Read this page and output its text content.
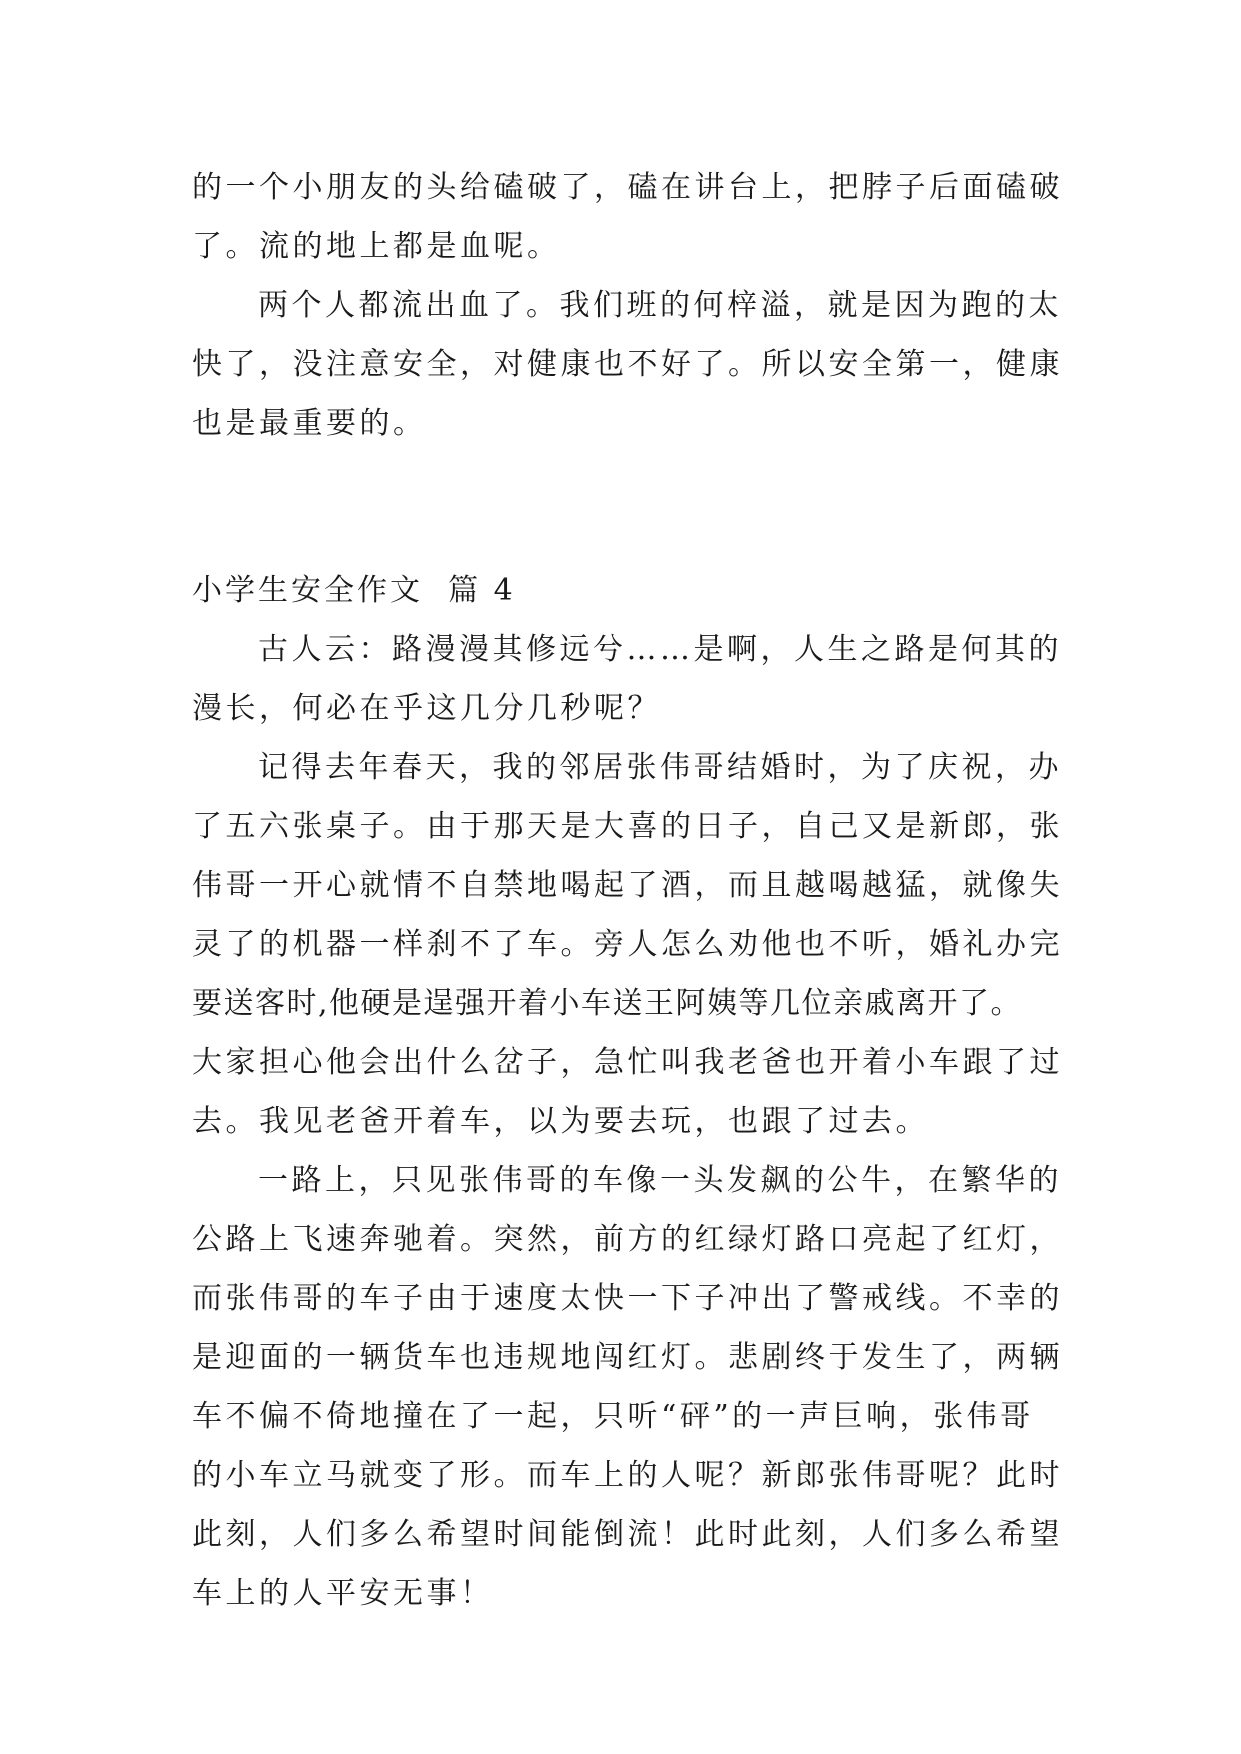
的一个小朋友的头给磕破了，磕在讲台上，把脖子后面磕破
了。流的地上都是血呢。
两个人都流出血了。我们班的何梓溢，就是因为跑的太
快了，没注意安全，对健康也不好了。所以安全第一，健康
也是最重要的。
小学生安全作文  篇 4
古人云：路漫漫其修远兮……是啊，人生之路是何其的
漫长，何必在乎这几分几秒呢？
记得去年春天，我的邻居张伟哥结婚时，为了庆祝，办
了五六张桌子。由于那天是大喜的日子，自己又是新郎，张
伟哥一开心就情不自禁地喝起了酒，而且越喝越猛，就像失
灵了的机器一样刹不了车。旁人怎么劝他也不听，婚礼办完
要送客时,他硬是逞强开着小车送王阿姨等几位亲戚离开了。
大家担心他会出什么岔子，急忙叫我老爸也开着小车跟了过
去。我见老爸开着车，以为要去玩，也跟了过去。
一路上，只见张伟哥的车像一头发飙的公牛，在繁华的
公路上飞速奔驰着。突然，前方的红绿灯路口亮起了红灯，
而张伟哥的车子由于速度太快一下子冲出了警戒线。不幸的
是迎面的一辆货车也违规地闯红灯。悲剧终于发生了，两辆
车不偏不倚地撞在了一起，只听“砰”的一声巨响，张伟哥
的小车立马就变了形。而车上的人呢？新郎张伟哥呢？此时
此刻，人们多么希望时间能倒流！此时此刻，人们多么希望
车上的人平安无事！
